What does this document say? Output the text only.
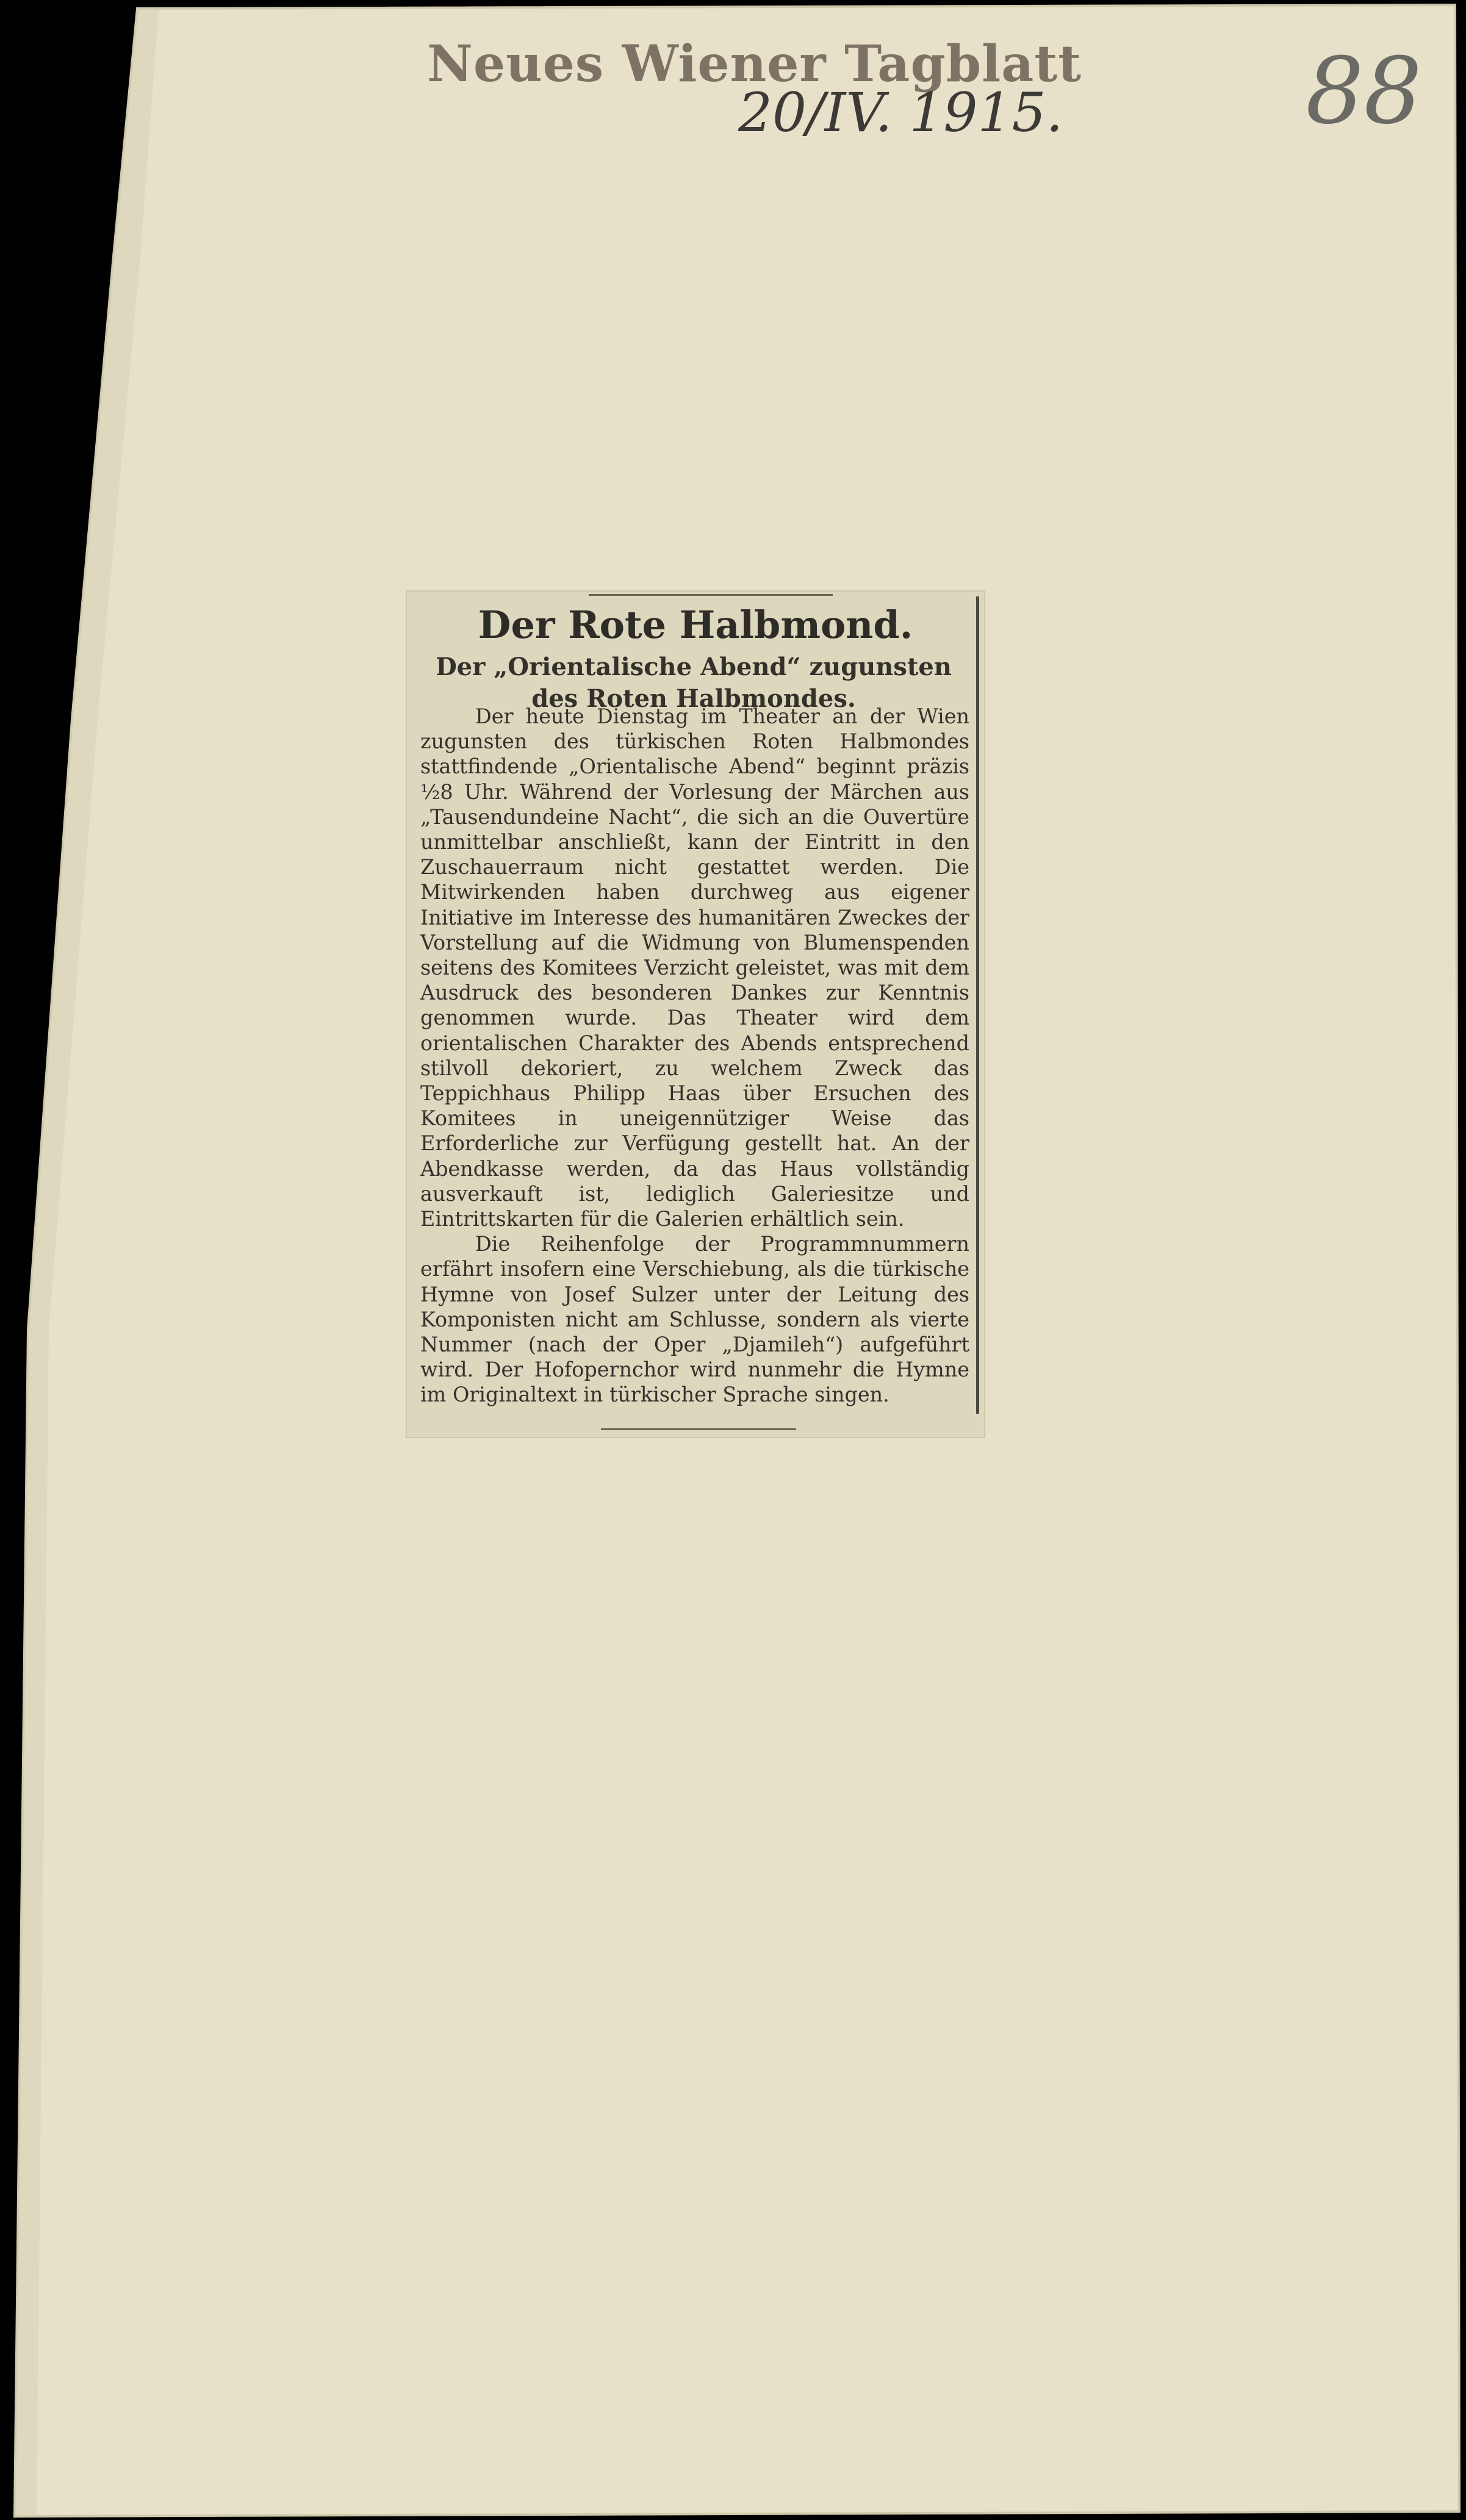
Neues Wiener Tagblatt
20/IV. 1915.	88
Der Rote Halbmond.
Der „Orientalische Abend“ zugunsten des Roten Halbmondes.

Der heute Dienstag im Theater an der Wien zugunsten des türkischen Roten Halbmondes stattfindende „Orientalische Abend“ beginnt präzis ½8 Uhr. Während der Vorlesung der Märchen aus „Tausendundeine Nacht“, die sich an die Ouvertüre unmittelbar anschließt, kann der Eintritt in den Zuschauerraum nicht gestattet werden. Die Mitwirkenden haben durchweg aus eigener Initiative im Interesse des humanitären Zweckes der Vorstellung auf die Widmung von Blumenspenden seitens des Komitees Verzicht geleistet, was mit dem Ausdruck des besonderen Dankes zur Kenntnis genommen wurde. Das Theater wird dem orientalischen Charakter des Abends entsprechend stilvoll dekoriert, zu welchem Zweck das Teppichhaus Philipp Haas über Ersuchen des Komitees in uneigennütziger Weise das Erforderliche zur Verfügung gestellt hat. An der Abendkasse werden, da das Haus vollständig ausverkauft ist, lediglich Galeriesitze und Eintrittskarten für die Galerien erhältlich sein.

Die Reihenfolge der Programmnummern erfährt insofern eine Verschiebung, als die türkische Hymne von Josef Sulzer unter der Leitung des Komponisten nicht am Schlusse, sondern als vierte Nummer (nach der Oper „Djamileh“) aufgeführt wird. Der Hofopernchor wird nunmehr die Hymne im Originaltext in türkischer Sprache singen.
